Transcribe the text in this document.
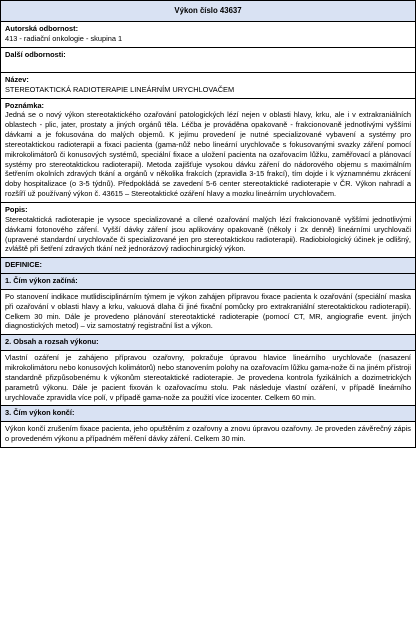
Výkon číslo 43637
Autorská odbornost:
413 - radiační onkologie - skupina 1
Další odbornosti:
Název:
STEREOTAKTICKÁ RADIOTERAPIE LINEÁRNÍM URYCHLOVAČEM
Poznámka:
Jedná se o nový výkon stereotaktického ozařování patologických lézí nejen v oblasti hlavy, krku, ale i v extrakraniálních oblastech - plic, jater, prostaty a jiných orgánů těla. Léčba je prováděna opakovaně - frakcionovaně jednotlivými vyššími dávkami a je fokusována do malých objemů. K jejímu provedení je nutné specializované vybavení a systémy pro stereotaktickou radioterapii a fixaci pacienta (gama-nůž nebo lineární urychlovače s fokusovanými svazky záření pomocí mikrokolimátorů či konusových systémů, speciální fixace a uložení pacienta na ozařovacím lůžku, zaměřovací a plánovací systémy pro stereotaktickou radioterapii). Metoda zajišťuje vysokou dávku záření do nádorového objemu s maximálním šetřením okolních zdravých tkání a orgánů v několika frakcích (zpravidla 3-15 frakcí), tím dojde i k významnému zkrácení doby hospitalizace (o 3-5 týdnů). Předpokládá se zavedení 5-6 center stereotaktické radioterapie v ČR. Výkon nahradí a rozšíří už používaný výkon č. 43615 – Stereotaktické ozáření hlavy a mozku lineárním urychlovačem.
Popis:
Stereotaktická radioterapie je vysoce specializované a cílené ozařování malých lézí frakcionovaně vyššími jednotlivými dávkami fotonového záření. Vyšší dávky záření jsou aplikovány opakovaně (několy i 2x denně) lineárními urychlovači (upravené standardní urychlovače či specializované jen pro stereotaktickou radioterapii). Radiobiologický účinek je odlišný, zvláště při šetření zdravých tkání než jednorázový radiochirurgický výkon.
DEFINICE:
1. Čím výkon začíná:
Po stanovení indikace mutlidisciplinárním týmem je výkon zahájen přípravou fixace pacienta k ozařování (speciální maska při ozařování v oblasti hlavy a krku, vakuová dlaha či jiné fixační pomůcky pro extrakraniální stereotaktickou radioterapii). Celkem 30 min. Dále je provedeno plánování stereotaktické radioterapie (pomocí CT, MR, angiografie event. jiných diagnostických metod) – viz samostatný registrační list a výkon.
2. Obsah a rozsah výkonu:
Vlastní ozáření je zahájeno přípravou ozařovny, pokračuje úpravou hlavice lineárního urychlovače (nasazení mikrokolimátoru nebo konusových kolimátorů) nebo stanovením polohy na ozařovacím lůžku gama-nože či na jiném přístroji standardně přizpůsobenému k výkonům stereotaktické radioterapie. Je provedena kontrola fyzikálních a dozimetrických parametrů výkonu. Dále je pacient fixován k ozařovacímu stolu. Pak následuje vlastní ozáření, v případě lineárního urychlovače zpravidla více polí, v případě gama-nože za použití více izocenter. Celkem 60 min.
3. Čím výkon končí:
Výkon končí zrušením fixace pacienta, jeho opuštěním z ozařovny a znovu úpravou ozařovny. Je proveden závěrečný zápis o provedeném výkonu a případném měření dávky záření. Celkem 30 min.
